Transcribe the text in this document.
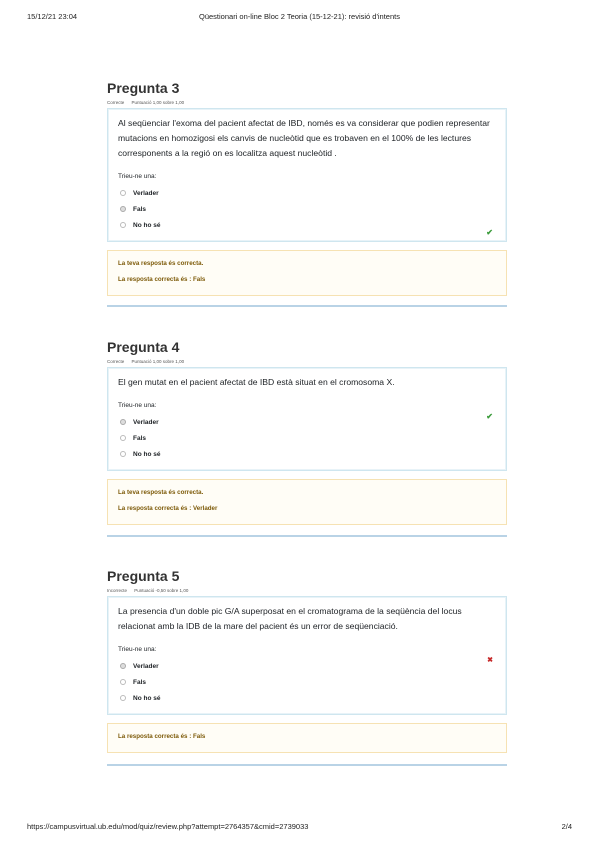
15/12/21 23:04	Qüestionari on-line Bloc 2 Teoria (15-12-21): revisió d'intents
Pregunta 3
Correcte Puntuació 1,00 sobre 1,00
Al seqüenciar l'exoma del pacient afectat de IBD, només es va considerar que podien representar mutacions en homozigosi els canvis de nucleòtid que es trobaven en el 100% de les lectures corresponents a la regió on es localitza aquest nucleòtid .
Trieu-ne una:
Verlader
Fals
No ho sé
✔
La teva resposta és correcta.
La resposta correcta és : Fals
Pregunta 4
Correcte Puntuació 1,00 sobre 1,00
El gen mutat en el pacient afectat de IBD està situat en el cromosoma X.
Trieu-ne una:
Verlader
Fals
No ho sé
✔
La teva resposta és correcta.
La resposta correcta és : Verlader
Pregunta 5
Incorrecte Puntuació -0,50 sobre 1,00
La presencia d'un doble pic G/A superposat en el cromatograma de la seqüència del locus relacionat amb la IDB de la mare del pacient és un error de seqüenciació.
Trieu-ne una:
Verlader
Fals
No ho sé
✖
La resposta correcta és : Fals
https://campusvirtual.ub.edu/mod/quiz/review.php?attempt=2764357&cmid=2739033	2/4
